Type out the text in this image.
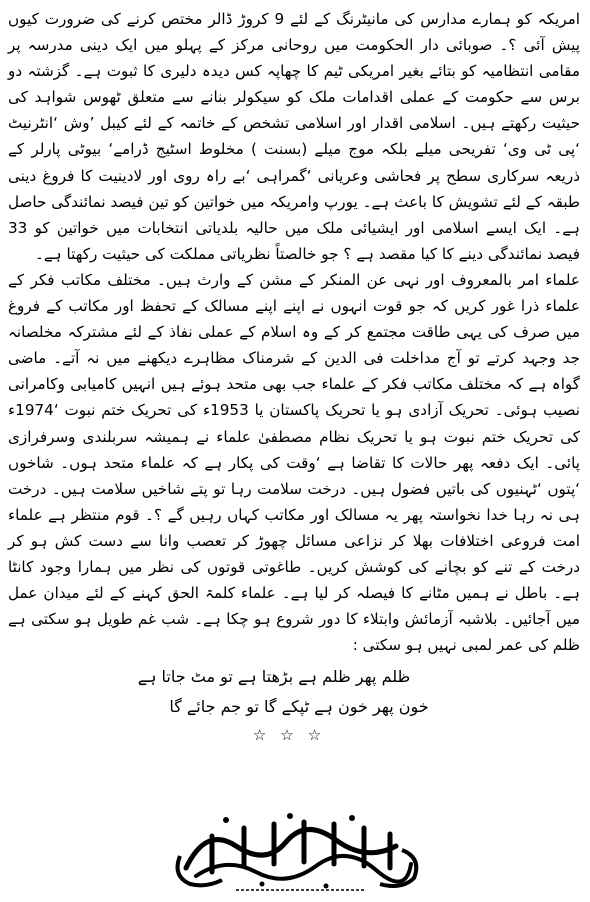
امریکہ کو ہمارے مدارس کی مانیٹرنگ کے لئے 9 کروڑ ڈالر مختص کرنے کی ضرورت کیوں پیش آئی ؟۔ صوبائی دار الحکومت میں روحانی مرکز کے پہلو میں ایک دینی مدرسہ پر مقامی انتظامیہ کو بتائے بغیر امریکی ٹیم کا چھاپہ کس دیدہ دلیری کا ثبوت ہے۔ گزشتہ دو برس سے حکومت کے عملی اقدامات ملک کو سیکولر بنانے سے متعلق ٹھوس شواہد کی حیثیت رکھتے ہیں۔ اسلامی اقدار اور اسلامی تشخص کے خاتمہ کے لئے کیبل ’وش ‘انٹرنیٹ ‘پی ٹی وی‘ تفریحی میلے بلکہ موج میلے (بسنت ) مخلوط اسٹیج ڈرامے‘ بیوٹی پارلر کے ذریعہ سرکاری سطح پر فحاشی وعریانی ‘گمراہی ‘بے راہ روی اور لادینیت کا فروغ دینی طبقہ کے لئے تشویش کا باعث ہے۔ یورپ وامریکہ میں خواتین کو تین فیصد نمائندگی حاصل ہے۔ ایک ایسے اسلامی اور ایشیائی ملک میں حالیہ بلدیاتی انتخابات میں خواتین کو 33 فیصد نمائندگی دینے کا کیا مقصد ہے ؟ جو خالصتاً نظریاتی مملکت کی حیثیت رکھتا ہے۔

علماء امر بالمعروف اور نہی عن المنکر کے مشن کے وارث ہیں۔ مختلف مکاتب فکر کے علماء ذرا غور کریں کہ جو قوت انہوں نے اپنے اپنے مسالک کے تحفظ اور مکاتب کے فروغ میں صرف کی یہی طاقت مجتمع کر کے وہ اسلام کے عملی نفاذ کے لئے مشترکہ مخلصانہ جد وجہد کرتے تو آج مداخلت فی الدین کے شرمناک مظاہرے دیکھنے میں نہ آتے۔ ماضی گواہ ہے کہ مختلف مکاتب فکر کے علماء جب بھی متحد ہوئے ہیں انہیں کامیابی وکامرانی نصیب ہوئی۔ تحریک آزادی ہو یا تحریک پاکستان یا 1953ء کی تحریک ختم نبوت ‘1974ء کی تحریک ختم نبوت ہو یا تحریک نظام مصطفیٰ علماء نے ہمیشہ سربلندی وسرفرازی پائی۔ ایک دفعہ پھر حالات کا تقاضا ہے ‘وقت کی پکار ہے کہ علماء متحد ہوں۔ شاخوں ‘پتوں ‘ٹہنیوں کی باتیں فضول ہیں۔ درخت سلامت رہا تو پتے شاخیں سلامت ہیں۔ درخت ہی نہ رہا خدا نخواستہ پھر یہ مسالک اور مکاتب کہاں رہیں گے ؟۔ قوم منتظر ہے علماء امت فروعی اختلافات بھلا کر نزاعی مسائل چھوڑ کر تعصب وانا سے دست کش ہو کر درخت کے تنے کو بچانے کی کوشش کریں۔ طاغوتی قوتوں کی نظر میں ہمارا وجود کانٹا ہے۔ باطل نے ہمیں مٹانے کا فیصلہ کر لیا ہے۔ علماء کلمۃ الحق کہنے کے لئے میدان عمل میں آجائیں۔ بلاشبہ آزمائش وابتلاء کا دور شروع ہو چکا ہے۔ شب غم طویل ہو سکتی ہے ظلم کی عمر لمبی نہیں ہو سکتی :

ظلم پھر ظلم ہے بڑھتا ہے تو مٹ جاتا ہے
خون پھر خون ہے ٹپکے گا تو جم جائے گا
☆☆☆
